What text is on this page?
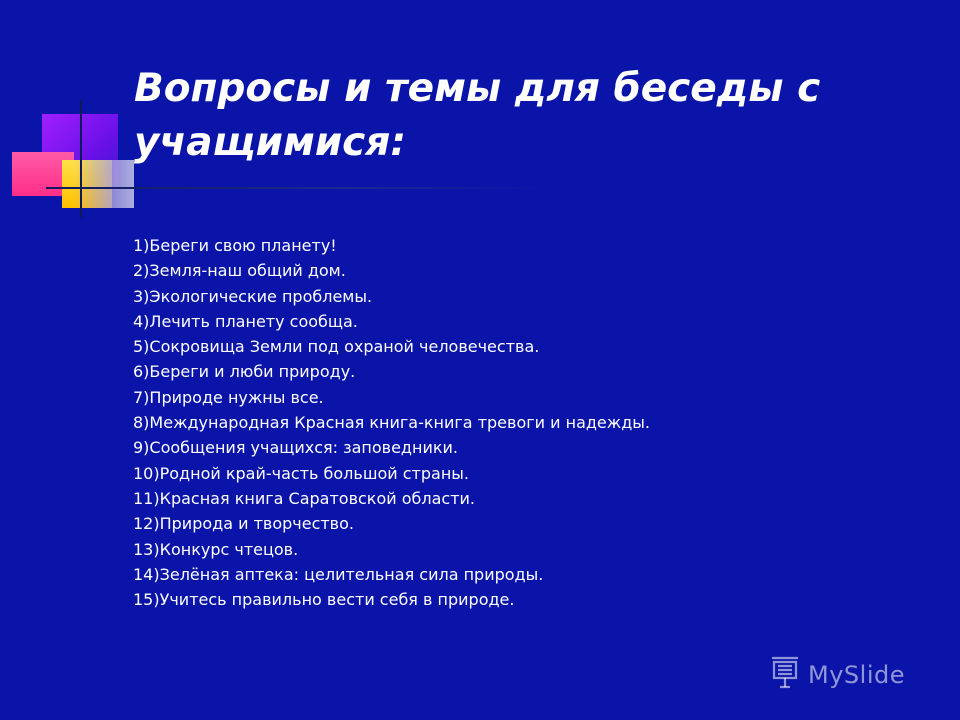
Вопросы и темы для беседы с учащимися:
1)Береги свою планету!
2)Земля-наш общий дом.
3)Экологические проблемы.
4)Лечить планету сообща.
5)Сокровища Земли под охраной человечества.
6)Береги и люби природу.
7)Природе нужны все.
8)Международная Красная книга-книга тревоги и надежды.
9)Сообщения учащихся: заповедники.
10)Родной край-часть большой страны.
11)Красная книга Саратовской области.
12)Природа и творчество.
13)Конкурс чтецов.
14)Зелёная аптека: целительная сила природы.
15)Учитесь правильно вести себя в природе.
MySlide
